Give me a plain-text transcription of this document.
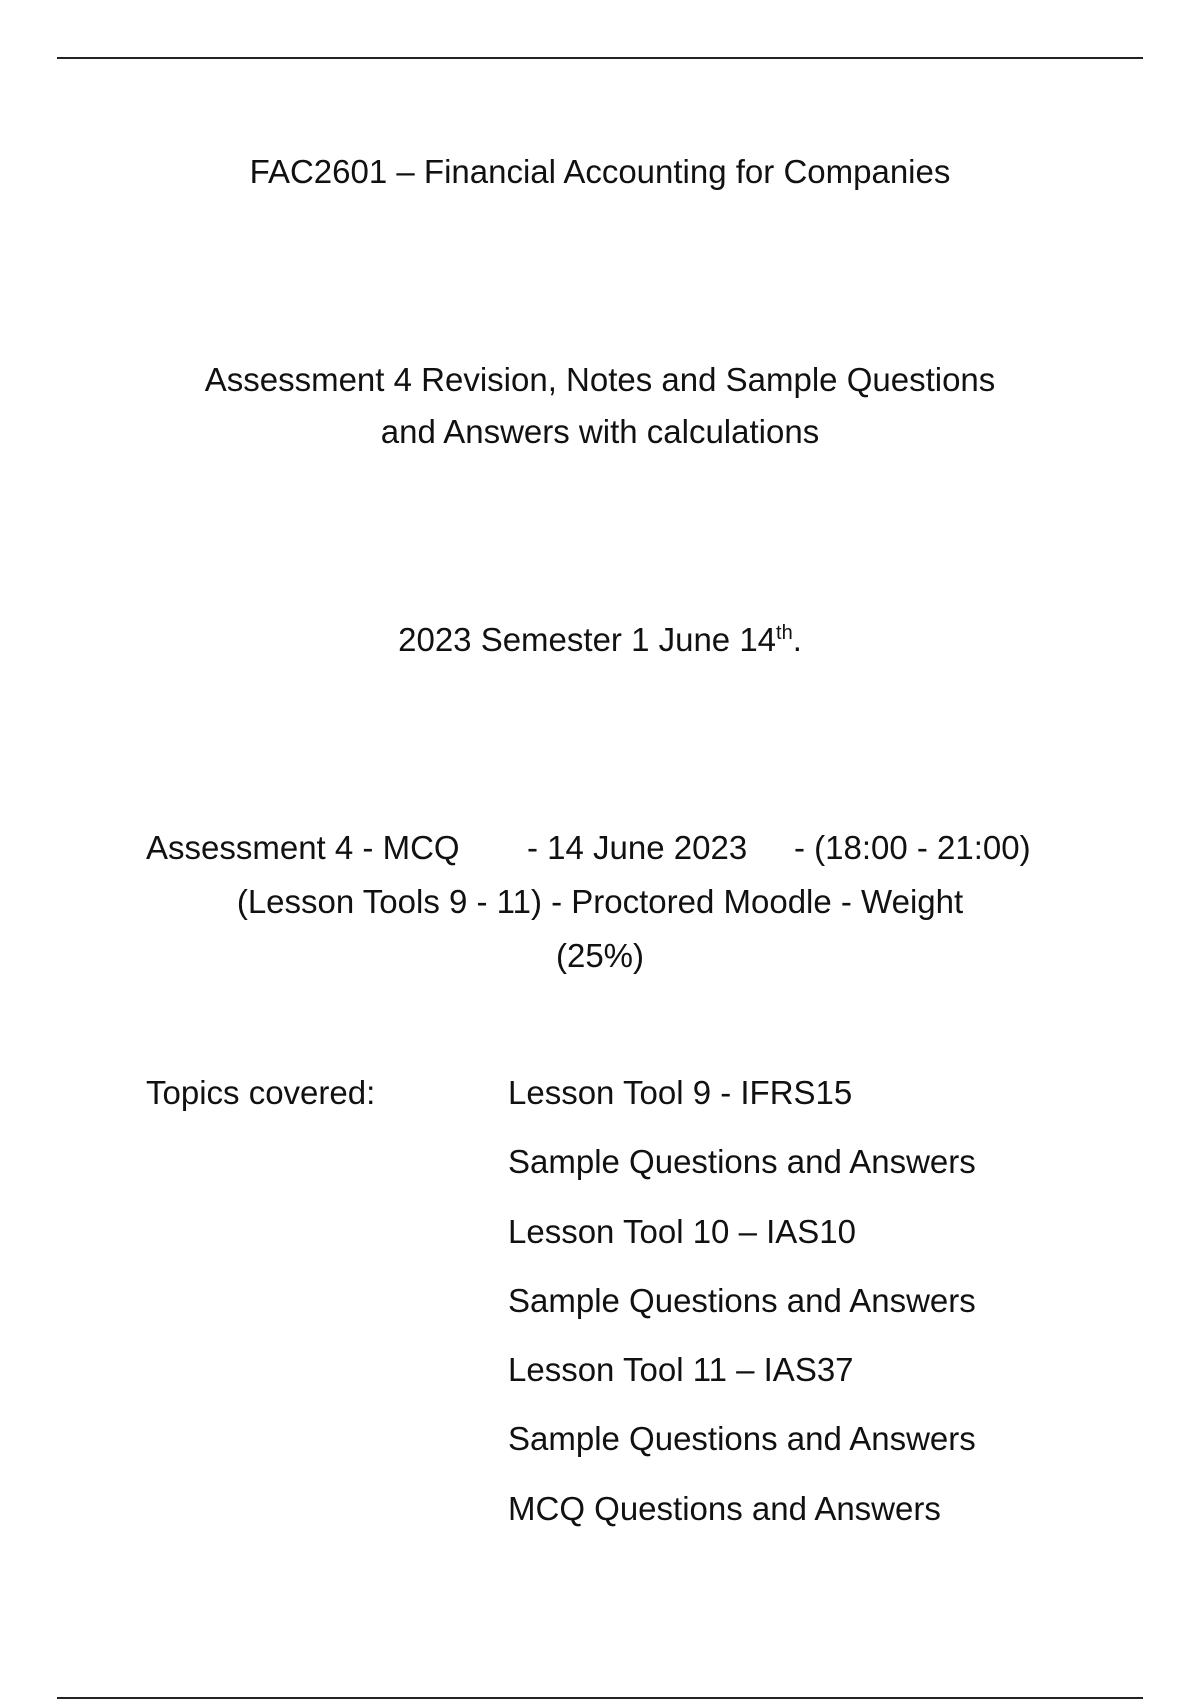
FAC2601 – Financial Accounting for Companies
Assessment 4 Revision, Notes and Sample Questions
and Answers with calculations
2023 Semester 1 June 14th.
Assessment 4 - MCQ - 14 June 2023 - (18:00 - 21:00)
(Lesson Tools 9 - 11) - Proctored Moodle - Weight
(25%)
Topics covered:	Lesson Tool 9 - IFRS15
Sample Questions and Answers
Lesson Tool 10 – IAS10
Sample Questions and Answers
Lesson Tool 11 – IAS37
Sample Questions and Answers
MCQ Questions and Answers
